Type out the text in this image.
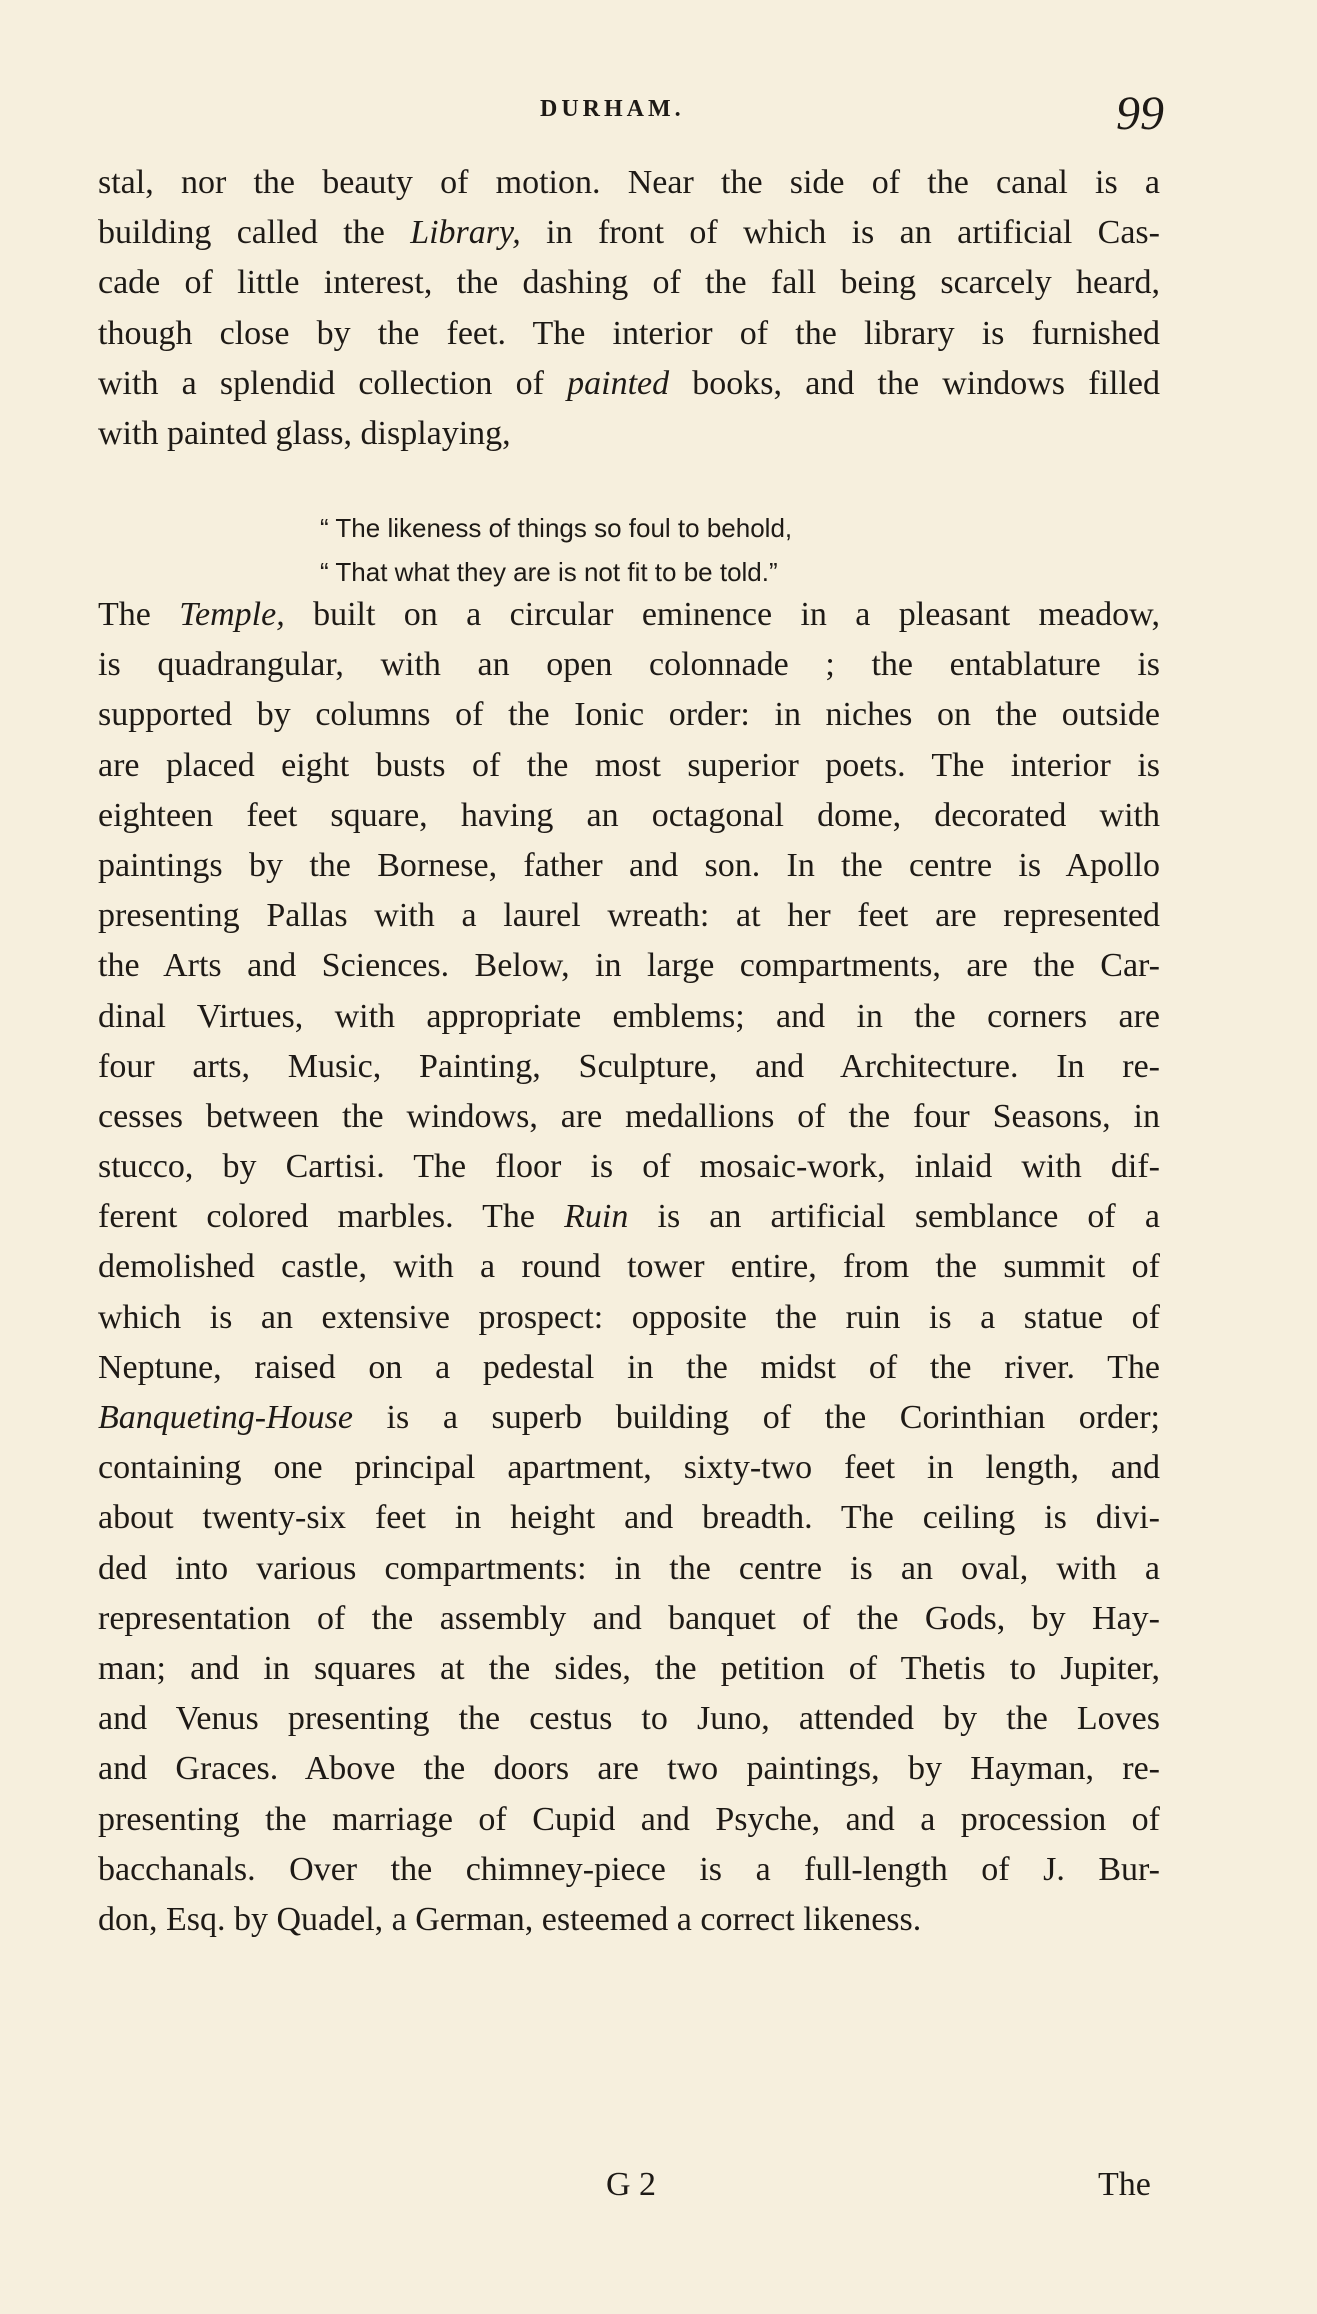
DURHAM.	99
stal, nor the beauty of motion. Near the side of the canal is a
building called the Library, in front of which is an artificial Cas-
cade of little interest, the dashing of the fall being scarcely heard,
though close by the feet. The interior of the library is furnished
with a splendid collection of painted books, and the windows filled
with painted glass, displaying,
“ The likeness of things so foul to behold,
“ That what they are is not fit to be told.”
The Temple, built on a circular eminence in a pleasant meadow,
is quadrangular, with an open colonnade ; the entablature is
supported by columns of the Ionic order: in niches on the outside
are placed eight busts of the most superior poets. The interior is
eighteen feet square, having an octagonal dome, decorated with
paintings by the Bornese, father and son. In the centre is Apollo
presenting Pallas with a laurel wreath: at her feet are represented
the Arts and Sciences. Below, in large compartments, are the Car-
dinal Virtues, with appropriate emblems; and in the corners are
four arts, Music, Painting, Sculpture, and Architecture. In re-
cesses between the windows, are medallions of the four Seasons, in
stucco, by Cartisi. The floor is of mosaic-work, inlaid with dif-
ferent colored marbles. The Ruin is an artificial semblance of a
demolished castle, with a round tower entire, from the summit of
which is an extensive prospect: opposite the ruin is a statue of
Neptune, raised on a pedestal in the midst of the river. The
Banqueting-House is a superb building of the Corinthian order;
containing one principal apartment, sixty-two feet in length, and
about twenty-six feet in height and breadth. The ceiling is divi-
ded into various compartments: in the centre is an oval, with a
representation of the assembly and banquet of the Gods, by Hay-
man; and in squares at the sides, the petition of Thetis to Jupiter,
and Venus presenting the cestus to Juno, attended by the Loves
and Graces. Above the doors are two paintings, by Hayman, re-
presenting the marriage of Cupid and Psyche, and a procession of
bacchanals. Over the chimney-piece is a full-length of J. Bur-
don, Esq. by Quadel, a German, esteemed a correct likeness.
G 2	The
